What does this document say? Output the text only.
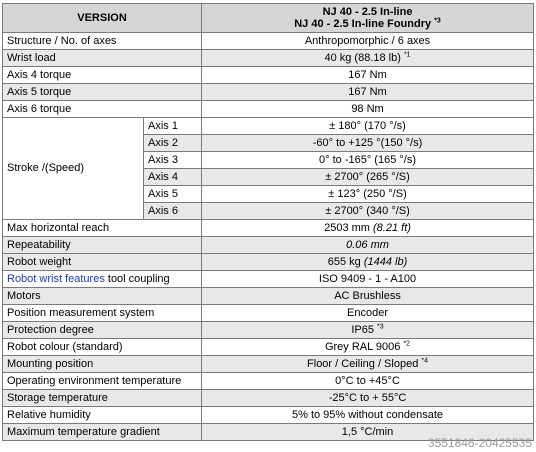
VERSION		NJ 40 - 2.5 In-line
NJ 40 - 2.5 In-line Foundry $^{*3}$
Structure / No. of axes		Anthropomorphic / 6 axes
Wrist load		40 kg (88.18 lb) $^{*1}$
Axis 4 torque		167 Nm
Axis 5 torque		167 Nm
Axis 6 torque		98 Nm
Stroke /(Speed)	Axis 1	± 180° (170 °/s)
	Axis 2	-60° to +125 °(150 °/s)
	Axis 3	0° to -165° (165 °/s)
	Axis 4	± 2700° (265 °/S)
	Axis 5	± 123° (250 °/S)
	Axis 6	± 2700° (340 °/S)
Max horizontal reach		2503 mm (8.21 ft)
Repeatability		0.06 mm
Robot weight		655 kg (1444 lb)
Robot wrist features tool coupling		ISO 9409 - 1 - A100
Motors		AC Brushless
Position measurement system		Encoder
Protection degree		IP65 $^{*3}$
Robot colour (standard)		Grey RAL 9006 $^{*2}$
Mounting position		Floor / Ceiling / Sloped $^{*4}$
Operating environment temperature		0°C to +45°C
Storage temperature		-25°C to + 55°C
Relative humidity		5% to 95% without condensate
Maximum temperature gradient		1,5 °C/min
3551846-20425535
